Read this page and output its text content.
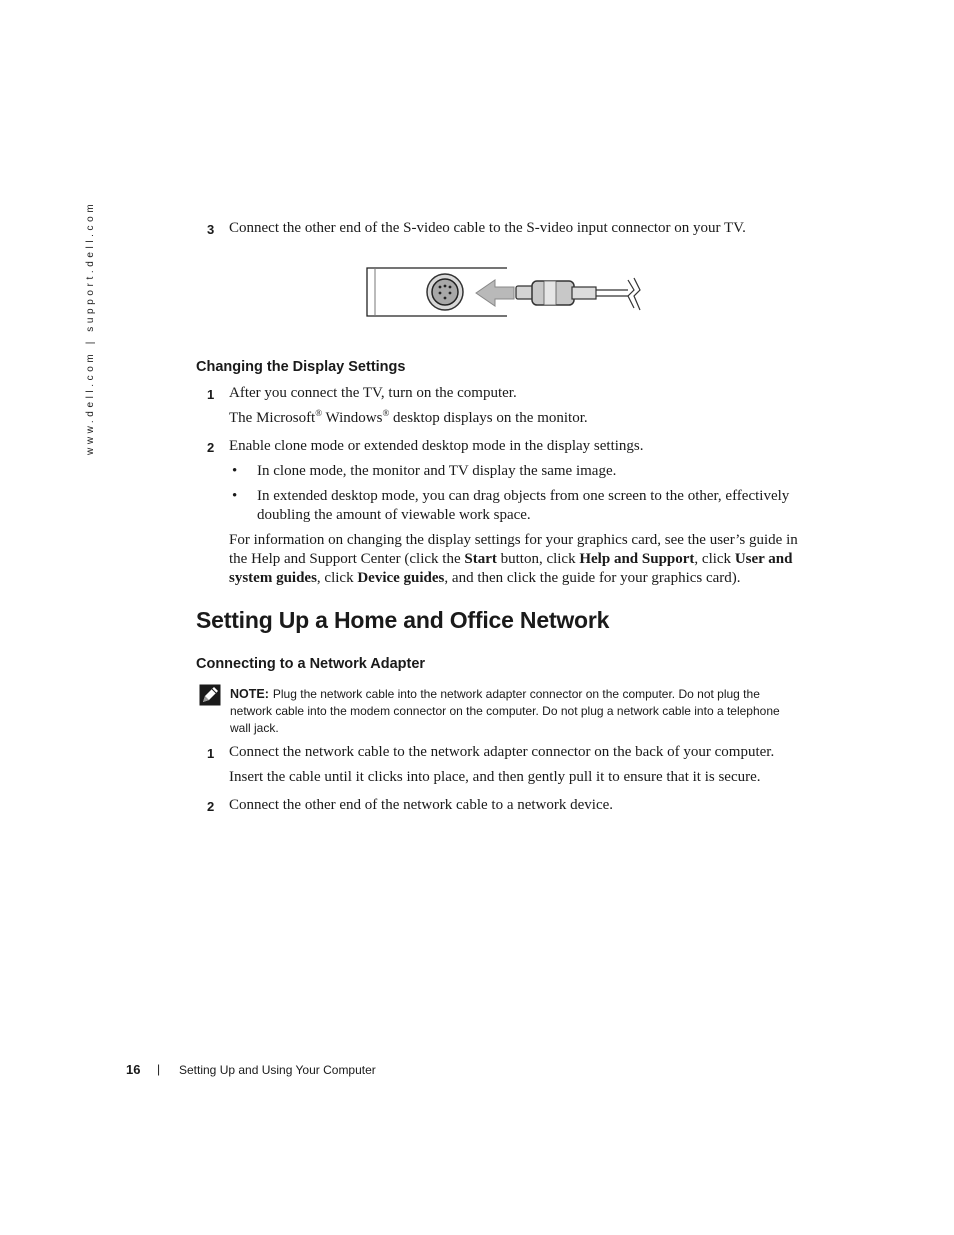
www.dell.com | support.dell.com	3 Connect the other end of the S-video cable to the S-video input connector on your TV.
Changing the Display Settings
1 After you connect the TV, turn on the computer.
The Microsoft® Windows® desktop displays on the monitor.
2 Enable clone mode or extended desktop mode in the display settings.
• In clone mode, the monitor and TV display the same image.
• In extended desktop mode, you can drag objects from one screen to the other, effectively
doubling the amount of viewable work space.
For information on changing the display settings for your graphics card, see the user’s guide in
the Help and Support Center (click the Start button, click Help and Support, click User and
system guides, click Device guides, and then click the guide for your graphics card).
Setting Up a Home and Office Network
Connecting to a Network Adapter
NOTE: Plug the network cable into the network adapter connector on the computer. Do not plug the
network cable into the modem connector on the computer. Do not plug a network cable into a telephone
wall jack.
1 Connect the network cable to the network adapter connector on the back of your computer.
Insert the cable until it clicks into place, and then gently pull it to ensure that it is secure.
2 Connect the other end of the network cable to a network device.
16 | Setting Up and Using Your Computer
